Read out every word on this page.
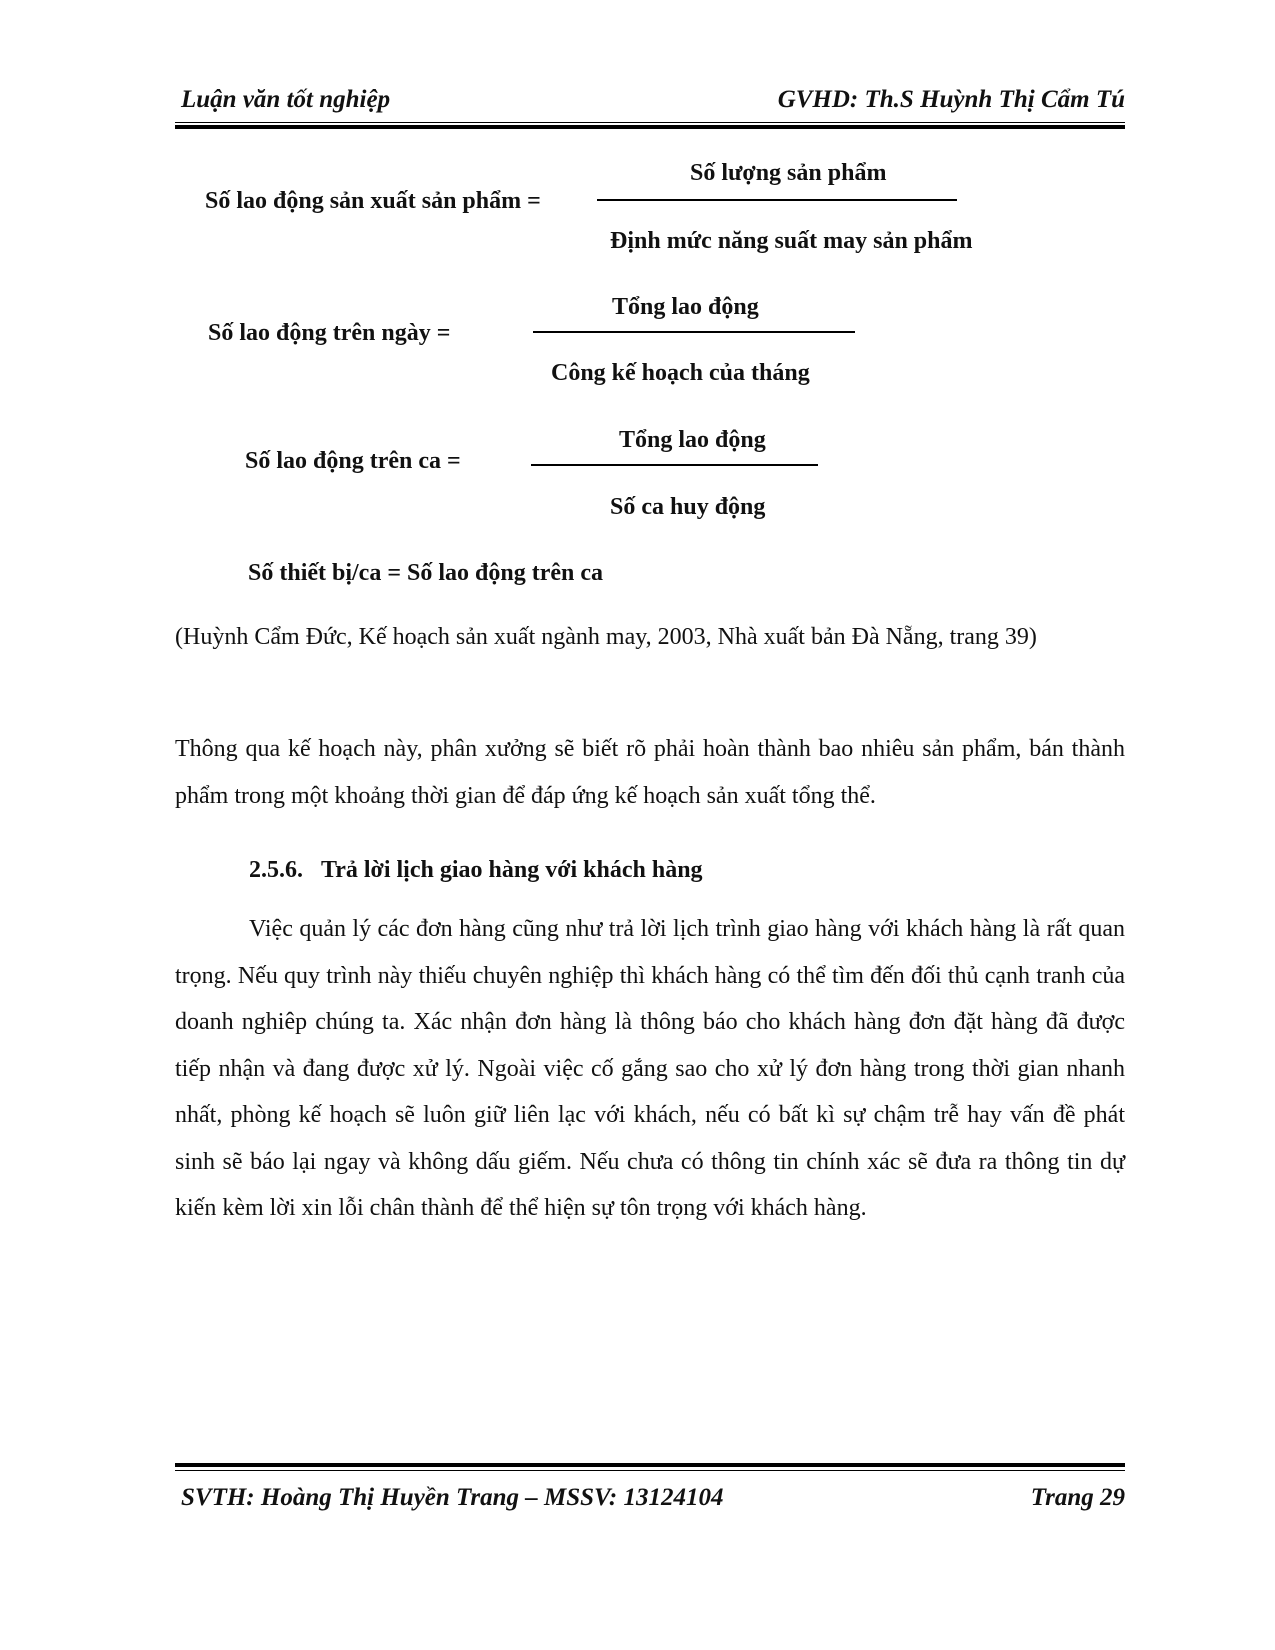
Luận văn tốt nghiệp	GVHD: Th.S Huỳnh Thị Cẩm Tú
Số lao động sản xuất sản phẩm =
Số lượng sản phẩm
Định mức năng suất may sản phẩm
Số lao động trên ngày =
Tổng lao động
Công kế hoạch của tháng
Số lao động trên ca =
Tổng lao động
Số ca huy động
Số thiết bị/ca = Số lao động trên ca

(Huỳnh Cẩm Đức, Kế hoạch sản xuất ngành may, 2003, Nhà xuất bản Đà Nẵng, trang 39)

Thông qua kế hoạch này, phân xưởng sẽ biết rõ phải hoàn thành bao nhiêu sản phẩm, bán thành phẩm trong một khoảng thời gian để đáp ứng kế hoạch sản xuất tổng thể.

2.5.6. Trả lời lịch giao hàng với khách hàng

Việc quản lý các đơn hàng cũng như trả lời lịch trình giao hàng với khách hàng là rất quan trọng. Nếu quy trình này thiếu chuyên nghiệp thì khách hàng có thể tìm đến đối thủ cạnh tranh của doanh nghiêp chúng ta. Xác nhận đơn hàng là thông báo cho khách hàng đơn đặt hàng đã được tiếp nhận và đang được xử lý. Ngoài việc cố gắng sao cho xử lý đơn hàng trong thời gian nhanh nhất, phòng kế hoạch sẽ luôn giữ liên lạc với khách, nếu có bất kì sự chậm trễ hay vấn đề phát sinh sẽ báo lại ngay và không dấu giếm. Nếu chưa có thông tin chính xác sẽ đưa ra thông tin dự kiến kèm lời xin lỗi chân thành để thể hiện sự tôn trọng với khách hàng.

SVTH: Hoàng Thị Huyền Trang – MSSV: 13124104	Trang 29
